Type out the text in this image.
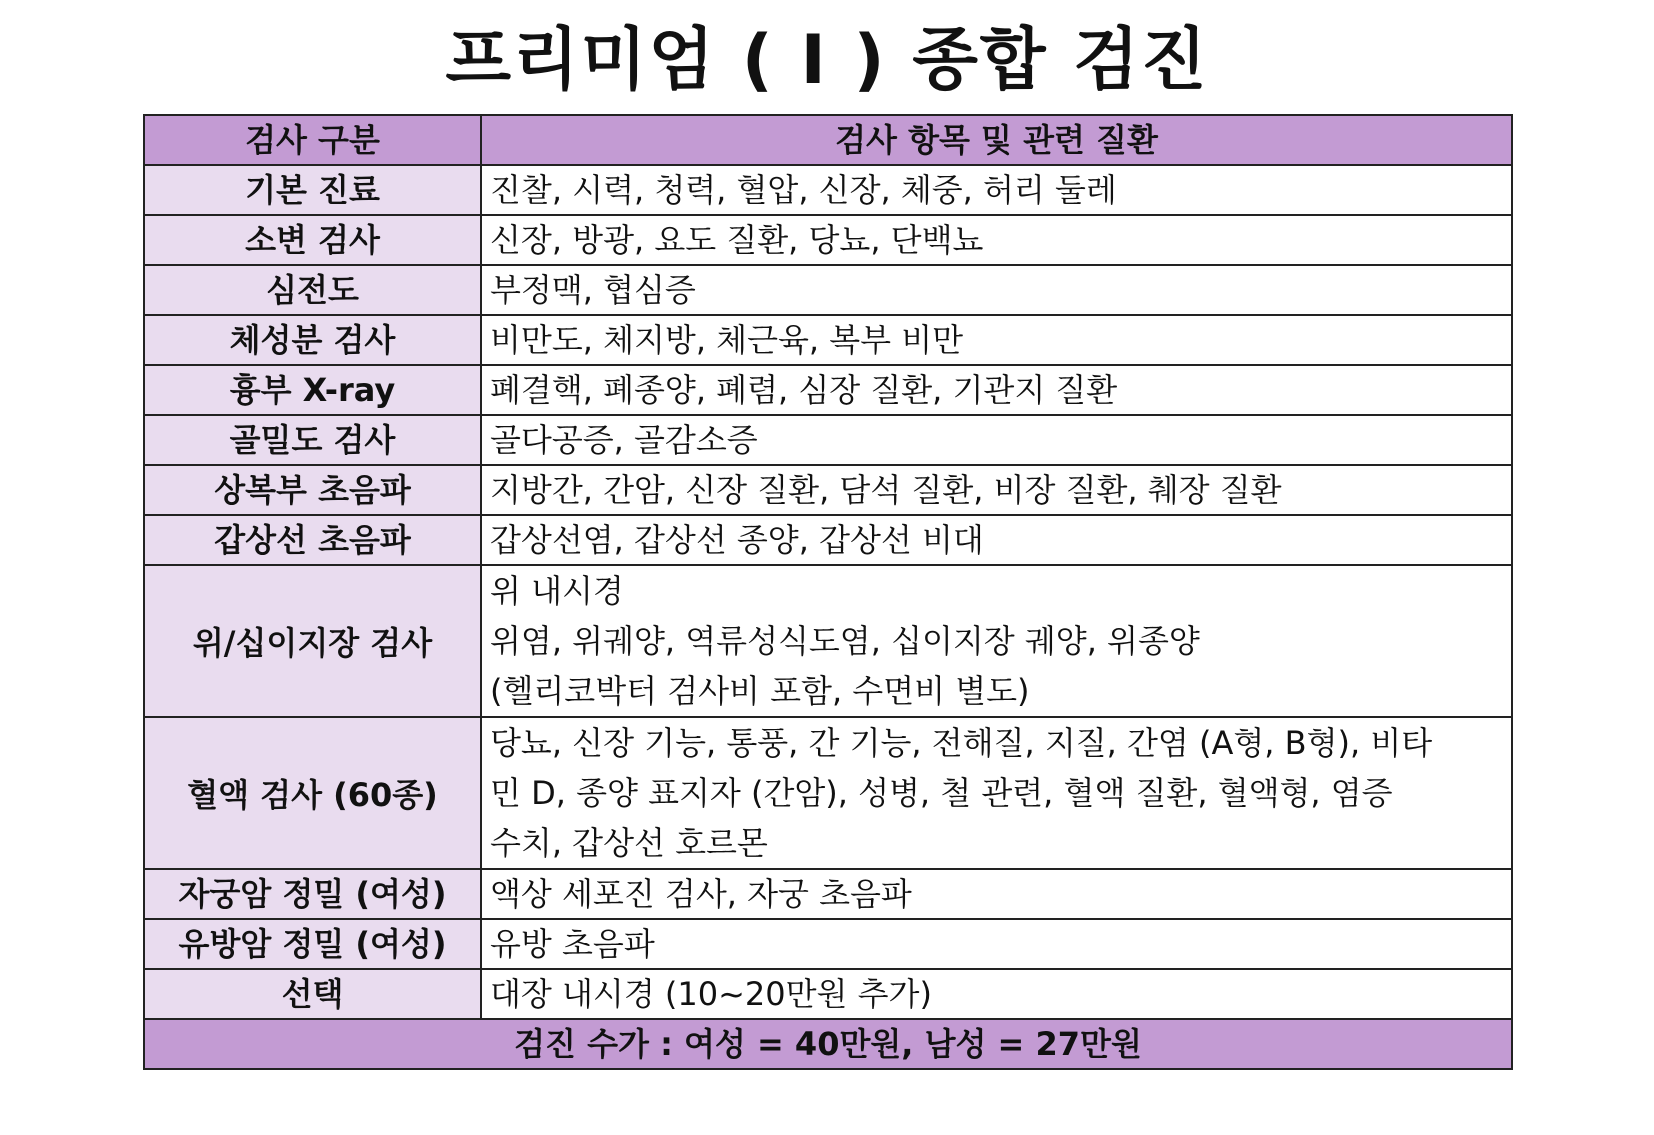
프리미엄 ( I ) 종합 검진
검사 구분	검사 항목 및 관련 질환
기본 진료	진찰, 시력, 청력, 혈압, 신장, 체중, 허리 둘레
소변 검사	신장, 방광, 요도 질환, 당뇨, 단백뇨
심전도	부정맥, 협심증
체성분 검사	비만도, 체지방, 체근육, 복부 비만
흉부 X-ray	폐결핵, 폐종양, 폐렴, 심장 질환, 기관지 질환
골밀도 검사	골다공증, 골감소증
상복부 초음파	지방간, 간암, 신장 질환, 담석 질환, 비장 질환, 췌장 질환
갑상선 초음파	갑상선염, 갑상선 종양, 갑상선 비대
위/십이지장 검사	위 내시경
위염, 위궤양, 역류성식도염, 십이지장 궤양, 위종양
(헬리코박터 검사비 포함, 수면비 별도)

혈액 검사 (60종)	당뇨, 신장 기능, 통풍, 간 기능, 전해질, 지질, 간염 (A형, B형), 비타
민 D, 종양 표지자 (간암), 성병, 철 관련, 혈액 질환, 혈액형, 염증
수치, 갑상선 호르몬

자궁암 정밀 (여성)	액상 세포진 검사, 자궁 초음파
유방암 정밀 (여성)	유방 초음파
선택	대장 내시경 (10~20만원 추가)
검진 수가 : 여성 = 40만원, 남성 = 27만원	
